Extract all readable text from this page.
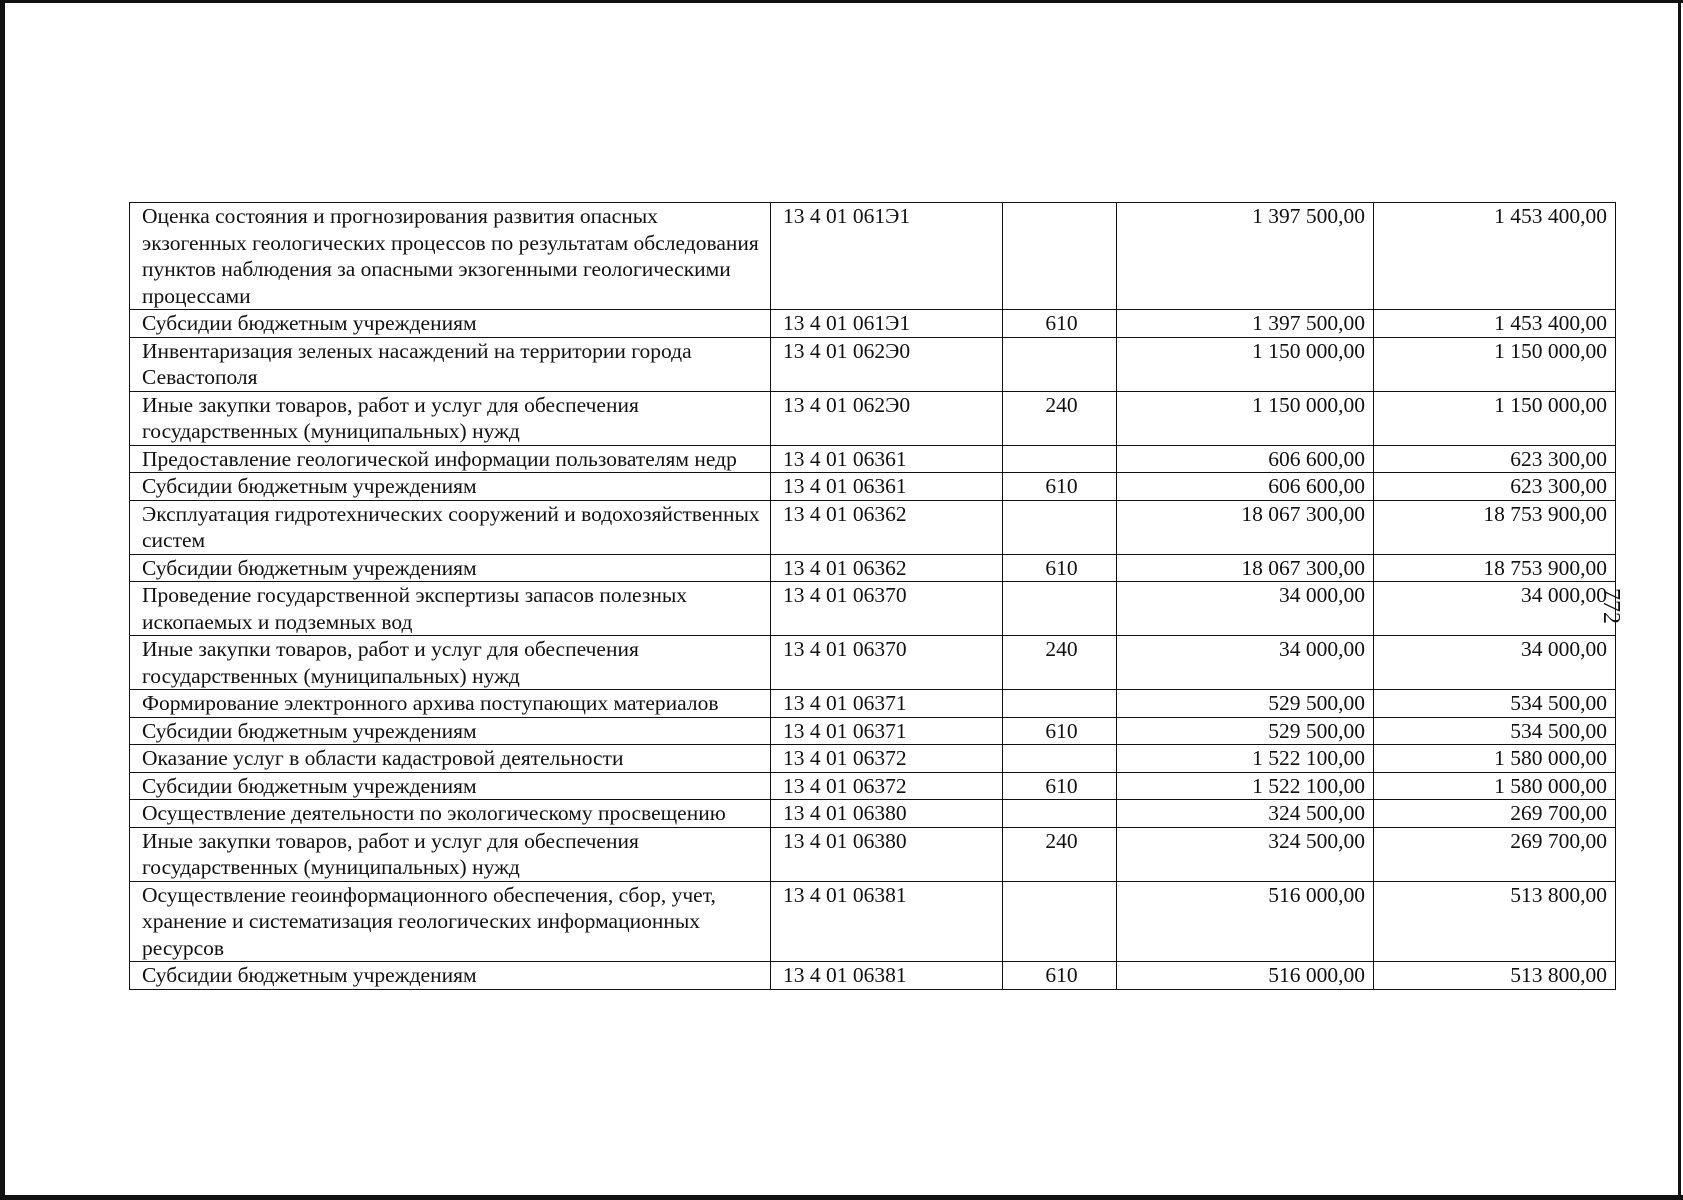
Оценка состояния и прогнозирования развития опасных экзогенных геологических процессов по результатам обследования пунктов наблюдения за опасными экзогенными геологическими процессами	13 4 01 061Э1		1 397 500,00	1 453 400,00
Субсидии бюджетным учреждениям	13 4 01 061Э1	610	1 397 500,00	1 453 400,00
Инвентаризация зеленых насаждений на территории города Севастополя	13 4 01 062Э0		1 150 000,00	1 150 000,00
Иные закупки товаров, работ и услуг для обеспечения государственных (муниципальных) нужд	13 4 01 062Э0	240	1 150 000,00	1 150 000,00
Предоставление геологической информации пользователям недр	13 4 01 06361		606 600,00	623 300,00
Субсидии бюджетным учреждениям	13 4 01 06361	610	606 600,00	623 300,00
Эксплуатация гидротехнических сооружений и водохозяйственных систем	13 4 01 06362		18 067 300,00	18 753 900,00
Субсидии бюджетным учреждениям	13 4 01 06362	610	18 067 300,00	18 753 900,00
Проведение государственной экспертизы запасов полезных ископаемых и подземных вод	13 4 01 06370		34 000,00	34 000,00
Иные закупки товаров, работ и услуг для обеспечения государственных (муниципальных) нужд	13 4 01 06370	240	34 000,00	34 000,00
Формирование электронного архива поступающих материалов	13 4 01 06371		529 500,00	534 500,00
Субсидии бюджетным учреждениям	13 4 01 06371	610	529 500,00	534 500,00
Оказание услуг в области кадастровой деятельности	13 4 01 06372		1 522 100,00	1 580 000,00
Субсидии бюджетным учреждениям	13 4 01 06372	610	1 522 100,00	1 580 000,00
Осуществление деятельности по экологическому просвещению	13 4 01 06380		324 500,00	269 700,00
Иные закупки товаров, работ и услуг для обеспечения государственных (муниципальных) нужд	13 4 01 06380	240	324 500,00	269 700,00
Осуществление геоинформационного обеспечения, сбор, учет, хранение и систематизация геологических информационных ресурсов	13 4 01 06381		516 000,00	513 800,00
Субсидии бюджетным учреждениям	13 4 01 06381	610	516 000,00	513 800,00
772
